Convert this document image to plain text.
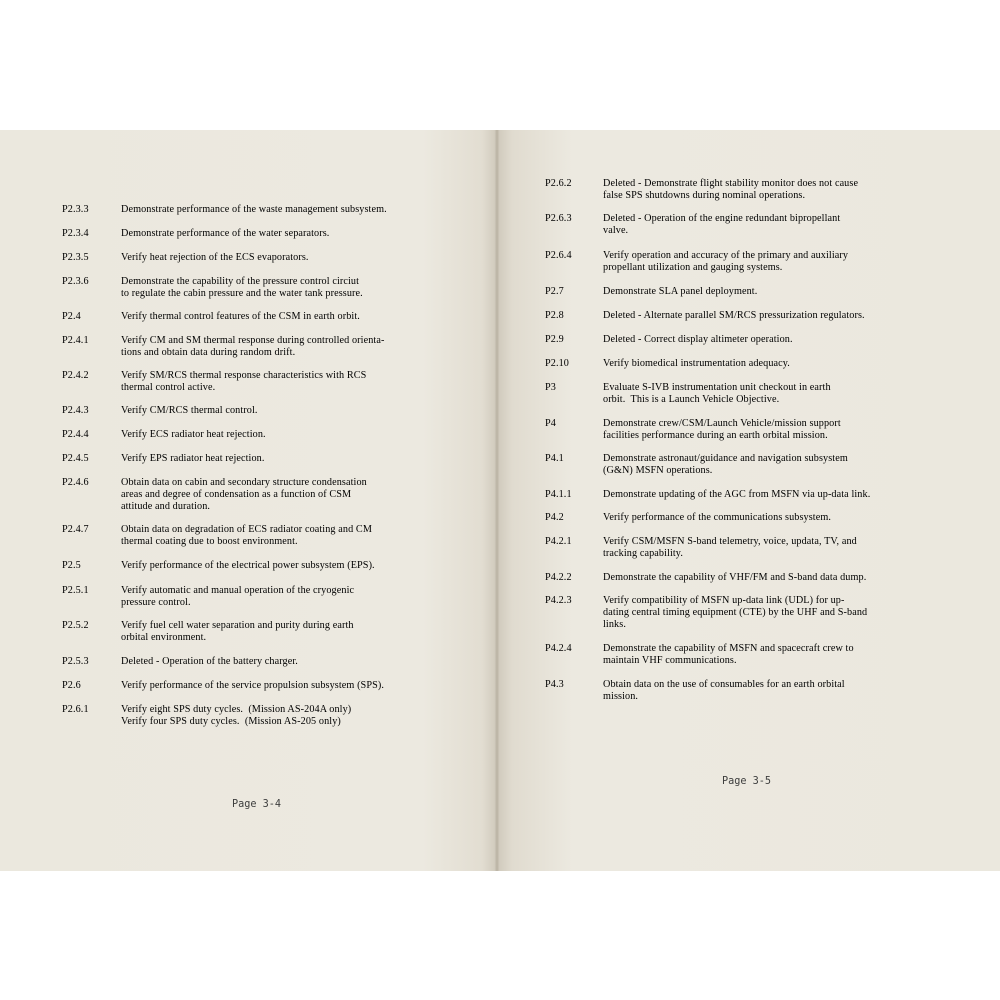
P2.3.3	Demonstrate performance of the waste management subsystem.
P2.3.4	Demonstrate performance of the water separators.
P2.3.5	Verify heat rejection of the ECS evaporators.
P2.3.6	Demonstrate the capability of the pressure control circiut
to regulate the cabin pressure and the water tank pressure.
P2.4	Verify thermal control features of the CSM in earth orbit.
P2.4.1	Verify CM and SM thermal response during controlled orienta-
tions and obtain data during random drift.
P2.4.2	Verify SM/RCS thermal response characteristics with RCS
thermal control active.
P2.4.3	Verify CM/RCS thermal control.
P2.4.4	Verify ECS radiator heat rejection.
P2.4.5	Verify EPS radiator heat rejection.
P2.4.6	Obtain data on cabin and secondary structure condensation
areas and degree of condensation as a function of CSM
attitude and duration.
P2.4.7	Obtain data on degradation of ECS radiator coating and CM
thermal coating due to boost environment.
P2.5	Verify performance of the electrical power subsystem (EPS).
P2.5.1	Verify automatic and manual operation of the cryogenic
pressure control.
P2.5.2	Verify fuel cell water separation and purity during earth
orbital environment.
P2.5.3	Deleted - Operation of the battery charger.
P2.6	Verify performance of the service propulsion subsystem (SPS).
P2.6.1	Verify eight SPS duty cycles.  (Mission AS-204A only)
Verify four SPS duty cycles.  (Mission AS-205 only)
Page 3-4
P2.6.2	Deleted - Demonstrate flight stability monitor does not cause
false SPS shutdowns during nominal operations.
P2.6.3	Deleted - Operation of the engine redundant bipropellant
valve.
P2.6.4	Verify operation and accuracy of the primary and auxiliary
propellant utilization and gauging systems.
P2.7	Demonstrate SLA panel deployment.
P2.8	Deleted - Alternate parallel SM/RCS pressurization regulators.
P2.9	Deleted - Correct display altimeter operation.
P2.10	Verify biomedical instrumentation adequacy.
P3	Evaluate S-IVB instrumentation unit checkout in earth
orbit.  This is a Launch Vehicle Objective.
P4	Demonstrate crew/CSM/Launch Vehicle/mission support
facilities performance during an earth orbital mission.
P4.1	Demonstrate astronaut/guidance and navigation subsystem
(G&N) MSFN operations.
P4.1.1	Demonstrate updating of the AGC from MSFN via up-data link.
P4.2	Verify performance of the communications subsystem.
P4.2.1	Verify CSM/MSFN S-band telemetry, voice, updata, TV, and
tracking capability.
P4.2.2	Demonstrate the capability of VHF/FM and S-band data dump.
P4.2.3	Verify compatibility of MSFN up-data link (UDL) for up-
dating central timing equipment (CTE) by the UHF and S-band
links.
P4.2.4	Demonstrate the capability of MSFN and spacecraft crew to
maintain VHF communications.
P4.3	Obtain data on the use of consumables for an earth orbital
mission.
Page 3-5
